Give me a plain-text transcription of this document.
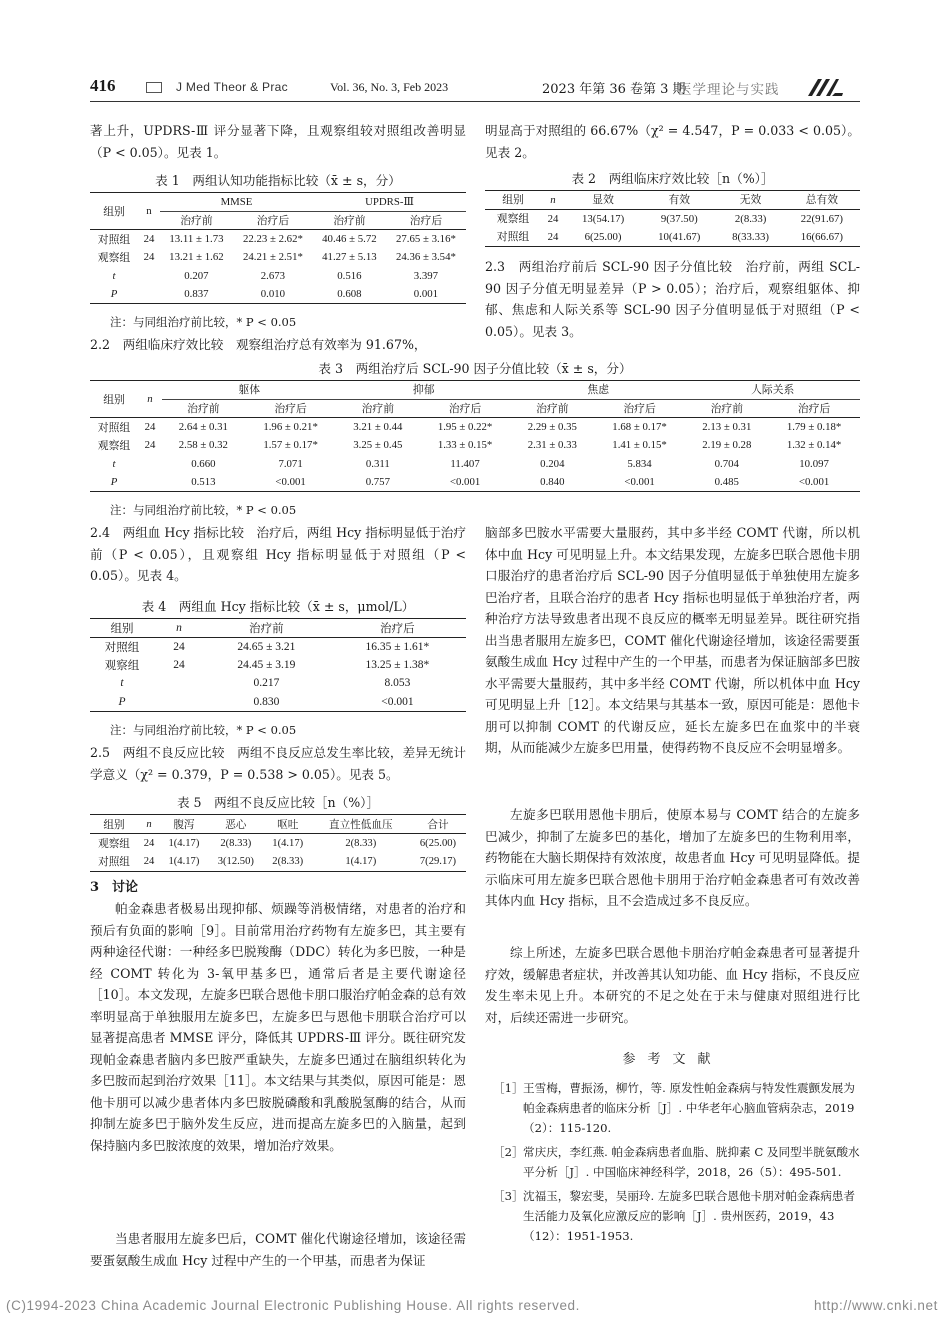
416	J Med Theor & Prac	Vol. 36, No. 3, Feb 2023	2023 年第 36 卷第 3 期
医学理论与实践
著上升，UPDRS-Ⅲ 评分显著下降，且观察组较对照组改善明显（P < 0.05）。见表 1。
表 1　两组认知功能指标比较（x̄ ± s，分）
组别	n	MMSE		UPDRS-Ⅲ	
		治疗前	治疗后	治疗前	治疗后
对照组	24	13.11 ± 1.73	22.23 ± 2.62*	40.46 ± 5.72	27.65 ± 3.16*
观察组	24	13.21 ± 1.62	24.21 ± 2.51*	41.27 ± 5.13	24.36 ± 3.54*
t		0.207	2.673	0.516	3.397
P		0.837	0.010	0.608	0.001
注：与同组治疗前比较，* P < 0.05
2.2　两组临床疗效比较　观察组治疗总有效率为 91.67%，
明显高于对照组的 66.67%（χ² = 4.547，P = 0.033 < 0.05）。见表 2。
表 2　两组临床疗效比较［n（%）］
组别	n	显效	有效	无效	总有效
观察组	24	13(54.17)	9(37.50)	2(8.33)	22(91.67)
对照组	24	6(25.00)	10(41.67)	8(33.33)	16(66.67)
2.3　两组治疗前后 SCL-90 因子分值比较　治疗前，两组 SCL-90 因子分值无明显差异（P > 0.05）；治疗后，观察组躯体、抑郁、焦虑和人际关系等 SCL-90 因子分值明显低于对照组（P < 0.05）。见表 3。
表 3　两组治疗后 SCL-90 因子分值比较（x̄ ± s，分）
组别	n	躯体		抑郁		焦虑		人际关系	
		治疗前	治疗后	治疗前	治疗后	治疗前	治疗后	治疗前	治疗后
对照组	24	2.64 ± 0.31	1.96 ± 0.21*	3.21 ± 0.44	1.95 ± 0.22*	2.29 ± 0.35	1.68 ± 0.17*	2.13 ± 0.31	1.79 ± 0.18*
观察组	24	2.58 ± 0.32	1.57 ± 0.17*	3.25 ± 0.45	1.33 ± 0.15*	2.31 ± 0.33	1.41 ± 0.15*	2.19 ± 0.28	1.32 ± 0.14*
t		0.660	7.071	0.311	11.407	0.204	5.834	0.704	10.097
P		0.513	<0.001	0.757	<0.001	0.840	<0.001	0.485	<0.001
注：与同组治疗前比较，* P < 0.05
2.4　两组血 Hcy 指标比较　治疗后，两组 Hcy 指标明显低于治疗前（P < 0.05），且观察组 Hcy 指标明显低于对照组（P < 0.05）。见表 4。
表 4　两组血 Hcy 指标比较（x̄ ± s，μmol/L）
组别	n	治疗前	治疗后
对照组	24	24.65 ± 3.21	16.35 ± 1.61*
观察组	24	24.45 ± 3.19	13.25 ± 1.38*
t		0.217	8.053
P		0.830	<0.001
注：与同组治疗前比较，* P < 0.05
2.5　两组不良反应比较　两组不良反应总发生率比较，差异无统计学意义（χ² = 0.379，P = 0.538 > 0.05）。见表 5。
表 5　两组不良反应比较［n（%）］
组别	n	腹泻	恶心	呕吐	直立性低血压	合计
观察组	24	1(4.17)	2(8.33)	1(4.17)	2(8.33)	6(25.00)
对照组	24	1(4.17)	3(12.50)	2(8.33)	1(4.17)	7(29.17)
3　讨论
帕金森患者极易出现抑郁、烦躁等消极情绪，对患者的治疗和预后有负面的影响［9］。目前常用治疗药物有左旋多巴，其主要有两种途径代谢：一种经多巴脱羧酶（DDC）转化为多巴胺，一种是经 COMT 转化为 3-氧甲基多巴，通常后者是主要代谢途径［10］。本文发现，左旋多巴联合恩他卡朋口服治疗帕金森的总有效率明显高于单独服用左旋多巴，左旋多巴与恩他卡朋联合治疗可以显著提高患者 MMSE 评分，降低其 UPDRS-Ⅲ 评分。既往研究发现帕金森患者脑内多巴胺严重缺失，左旋多巴通过在脑组织转化为多巴胺而起到治疗效果［11］。本文结果与其类似，原因可能是：恩他卡朋可以减少患者体内多巴胺脱磷酸和乳酸脱氢酶的结合，从而抑制左旋多巴于脑外发生反应，进而提高左旋多巴的入脑量，起到保持脑内多巴胺浓度的效果，增加治疗效果。
当患者服用左旋多巴后，COMT 催化代谢途径增加，该途径需要蛋氨酸生成血 Hcy 过程中产生的一个甲基，而患者为保证
脑部多巴胺水平需要大量服药，其中多半经 COMT 代谢，所以机体中血 Hcy 可见明显上升。本文结果发现，左旋多巴联合恩他卡朋口服治疗的患者治疗后 SCL-90 因子分值明显低于单独使用左旋多巴治疗者，且联合治疗的患者 Hcy 指标也明显低于单独治疗者，两种治疗方法导致患者出现不良反应的概率无明显差异。既往研究指出当患者服用左旋多巴，COMT 催化代谢途径增加，该途径需要蛋氨酸生成血 Hcy 过程中产生的一个甲基，而患者为保证脑部多巴胺水平需要大量服药，其中多半经 COMT 代谢，所以机体中血 Hcy 可见明显上升［12］。本文结果与其基本一致，原因可能是：恩他卡朋可以抑制 COMT 的代谢反应，延长左旋多巴在血浆中的半衰期，从而能减少左旋多巴用量，使得药物不良反应不会明显增多。
左旋多巴联用恩他卡朋后，使原本易与 COMT 结合的左旋多巴减少，抑制了左旋多巴的基化，增加了左旋多巴的生物利用率，药物能在大脑长期保持有效浓度，故患者血 Hcy 可见明显降低。提示临床可用左旋多巴联合恩他卡朋用于治疗帕金森患者可有效改善其体内血 Hcy 指标，且不会造成过多不良反应。
综上所述，左旋多巴联合恩他卡朋治疗帕金森患者可显著提升疗效，缓解患者症状，并改善其认知功能、血 Hcy 指标，不良反应发生率未见上升。本研究的不足之处在于未与健康对照组进行比对，后续还需进一步研究。
参考文献
［1］ 王雪梅，曹振汤，柳竹，等. 原发性帕金森病与特发性震颤发展为帕金森病患者的临床分析［J］. 中华老年心脑血管病杂志，2019（2）：115-120.
［2］ 常庆庆，李红燕. 帕金森病患者血脂、胱抑素 C 及同型半胱氨酸水平分析［J］. 中国临床神经科学，2018，26（5）：495-501.
［3］ 沈福玉，黎宏斐，吴丽玲. 左旋多巴联合恩他卡朋对帕金森病患者生活能力及氧化应激反应的影响［J］. 贵州医药，2019，43（12）：1951-1953.
(C)1994-2023 China Academic Journal Electronic Publishing House. All rights reserved.	http://www.cnki.net
